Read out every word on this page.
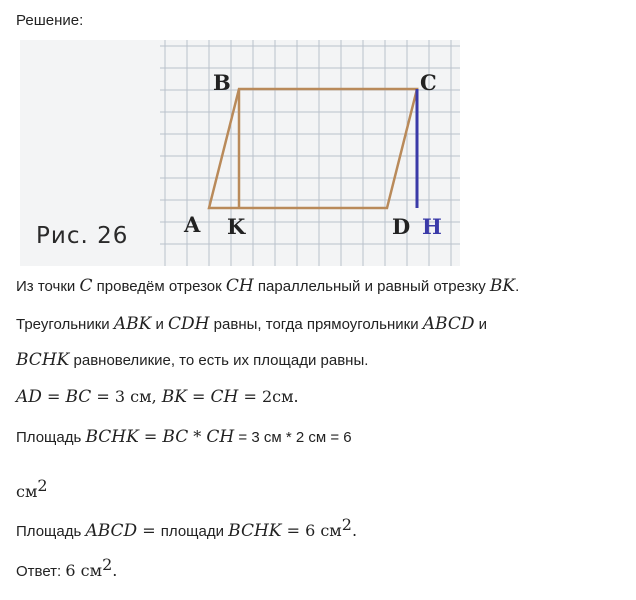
Решение:
B	C
A K	D H
Рис. 26
Из точки C проведём отрезок CH параллельный и равный отрезку BK.
Треугольники ABK и CDH равны, тогда прямоугольники ABCD и
BCHK равновеликие, то есть их площади равны.
AD = BC = 3 см, BK = CH = 2см.
Площадь BCHK = BC * CH = 3 см * 2 см = 6
$см^2$
Площадь ABCD = площади BCHK = 6 $см^2$.
Ответ: 6 $см^2$.
